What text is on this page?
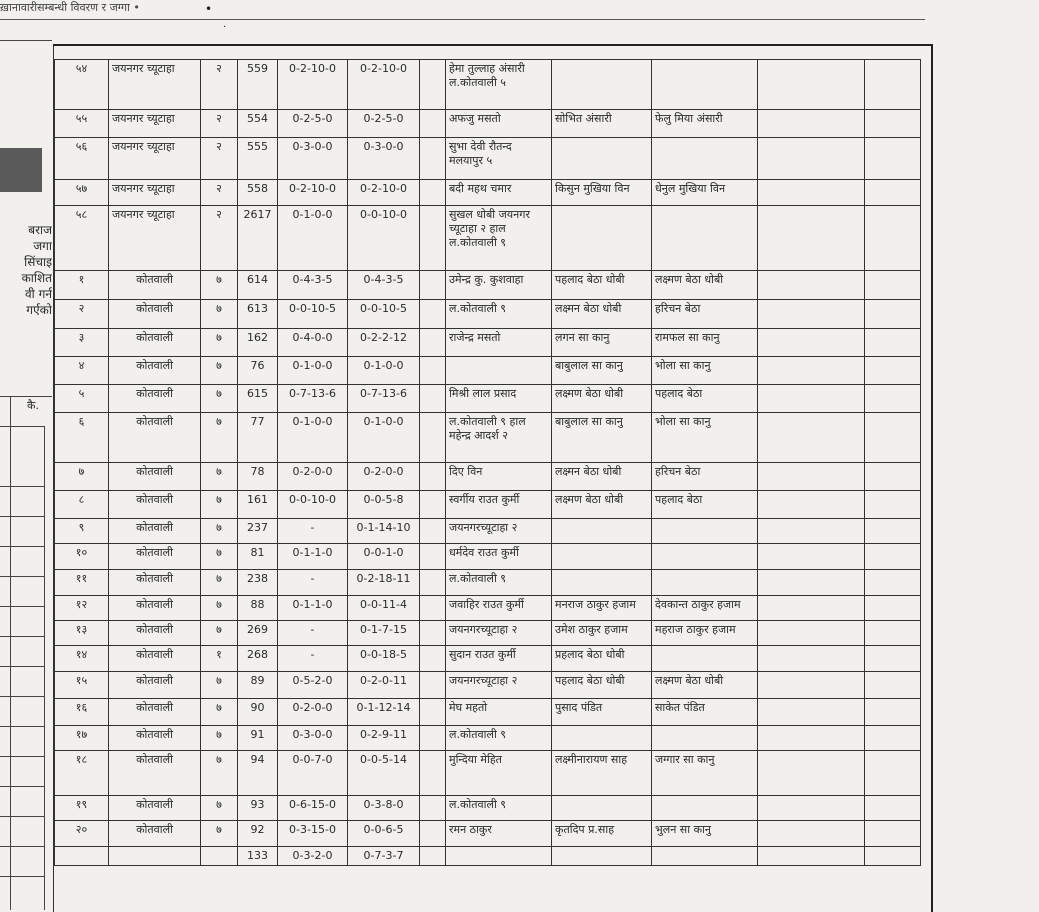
ख़ानावारीसम्बन्धी विवरण र जग्गा •	•
·
बराज
जगा
सिंचाइ
काशित
वी गर्न
गर्एको
कै.
५४	जयनगर च्यूटाहा	२	559	0-2-10-0	0-2-10-0		हेमा तुल्लाह अंसारी ल.कोतवाली ५				
५५	जयनगर च्यूटाहा	२	554	0-2-5-0	0-2-5-0		अफजु मसतो	सोभित अंसारी	फेलु मिया अंसारी		
५६	जयनगर च्यूटाहा	२	555	0-3-0-0	0-3-0-0		सुभा देवी रौतन्द मलयापुर ५				
५७	जयनगर च्यूटाहा	२	558	0-2-10-0	0-2-10-0		बदी महथ चमार	किसुन मुखिया विन	धेनुल मुखिया विन		
५८	जयनगर च्यूटाहा	२	2617	0-1-0-0	0-0-10-0		सुखल धोबी जयनगर च्यूटाहा २ हाल ल.कोतवाली ९				
१	कोतवाली	७	614	0-4-3-5	0-4-3-5		उमेन्द्र कु. कुशवाहा	पहलाद बेठा धोबी	लक्ष्मण बेठा धोबी		
२	कोतवाली	७	613	0-0-10-5	0-0-10-5		ल.कोतवाली ९	लक्ष्मन बेठा धोबी	हरिचन बेठा		
३	कोतवाली	७	162	0-4-0-0	0-2-2-12		राजेन्द्र मसतो	लगन सा कानु	रामफल सा कानु		
४	कोतवाली	७	76	0-1-0-0	0-1-0-0			बाबुलाल सा कानु	भोला सा कानु		
५	कोतवाली	७	615	0-7-13-6	0-7-13-6		मिश्री लाल प्रसाद	लक्ष्मण बेठा धोबी	पहलाद बेठा		
६	कोतवाली	७	77	0-1-0-0	0-1-0-0		ल.कोतवाली ९ हाल महेन्द्र आदर्श २	बाबुलाल सा कानु	भोला सा कानु		
७	कोतवाली	७	78	0-2-0-0	0-2-0-0		दिए विन	लक्ष्मन बेठा धोबी	हरिचन बेठा		
८	कोतवाली	७	161	0-0-10-0	0-0-5-8		स्वर्गीय राउत कुर्मी	लक्ष्मण बेठा धोबी	पहलाद बेठा		
९	कोतवाली	७	237	-	0-1-14-10		जयनगरच्यूटाहा २				
१०	कोतवाली	७	81	0-1-1-0	0-0-1-0		धर्मदेव राउत कुर्मी				
११	कोतवाली	७	238	-	0-2-18-11		ल.कोतवाली ९				
१२	कोतवाली	७	88	0-1-1-0	0-0-11-4		जवाहिर राउत कुर्मी	मनराज ठाकुर हजाम	देवकान्त ठाकुर हजाम		
१३	कोतवाली	७	269	-	0-1-7-15		जयनगरच्यूटाहा २	उमेश ठाकुर हजाम	महराज ठाकुर हजाम		
१४	कोतवाली	१	268	-	0-0-18-5		सुदान राउत कुर्मी	प्रहलाद बेठा धोबी			
१५	कोतवाली	७	89	0-5-2-0	0-2-0-11		जयनगरच्यूटाहा २	पहलाद बेठा धोबी	लक्ष्मण बेठा धोबी		
१६	कोतवाली	७	90	0-2-0-0	0-1-12-14		मेघ महतो	पुसाद पंडित	साकेत पंडित		
१७	कोतवाली	७	91	0-3-0-0	0-2-9-11		ल.कोतवाली ९				
१८	कोतवाली	७	94	0-0-7-0	0-0-5-14		मुन्दिया मेहित	लक्ष्मीनारायण साह	जग्गार सा कानु		
१९	कोतवाली	७	93	0-6-15-0	0-3-8-0		ल.कोतवाली ९				
२०	कोतवाली	७	92	0-3-15-0	0-0-6-5		रमन ठाकुर	कृतदिप प्र.साह	भुलन सा कानु		
			133	0-3-2-0	0-7-3-7						
